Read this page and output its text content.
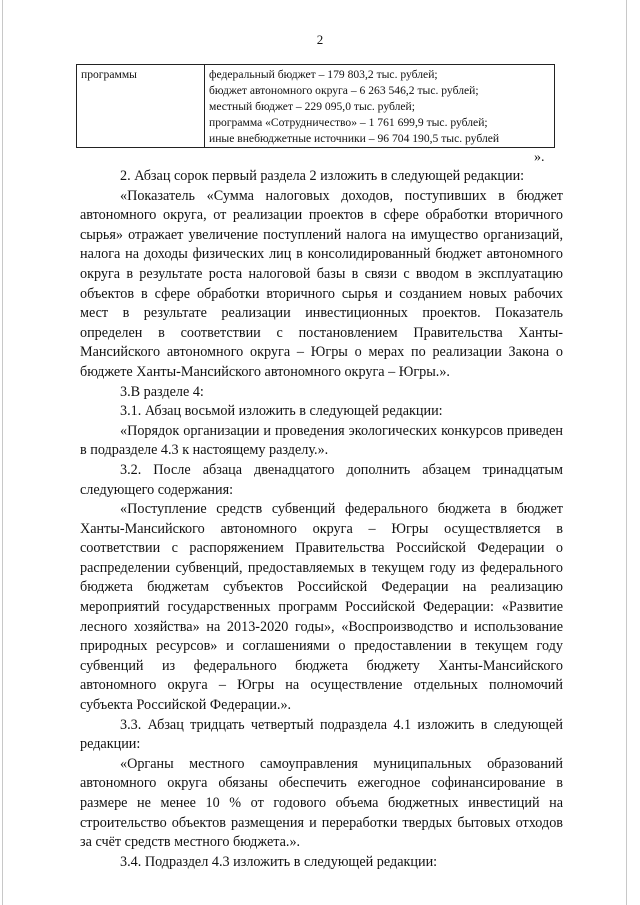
2
программы	федеральный бюджет – 179 803,2 тыс. рублей;
бюджет автономного округа – 6 263 546,2 тыс. рублей;
местный бюджет – 229 095,0 тыс. рублей;
программа «Сотрудничество» – 1 761 699,9 тыс. рублей;
иные внебюджетные источники – 96 704 190,5 тыс. рублей
».

2. Абзац сорок первый раздела 2 изложить в следующей редакции:

«Показатель «Сумма налоговых доходов, поступивших в бюджет автономного округа, от реализации проектов в сфере обработки вторичного сырья» отражает увеличение поступлений налога на имущество организаций, налога на доходы физических лиц в консолидированный бюджет автономного округа в результате роста налоговой базы в связи с вводом в эксплуатацию объектов в сфере обработки вторичного сырья и созданием новых рабочих мест в результате реализации инвестиционных проектов. Показатель определен в соответствии с постановлением Правительства Ханты-Мансийского автономного округа – Югры о мерах по реализации Закона о бюджете Ханты-Мансийского автономного округа – Югры.».

3.В разделе 4:

3.1. Абзац восьмой изложить в следующей редакции:

«Порядок организации и проведения экологических конкурсов приведен в подразделе 4.3 к настоящему разделу.».

3.2. После абзаца двенадцатого дополнить абзацем тринадцатым следующего содержания:

«Поступление средств субвенций федерального бюджета в бюджет Ханты-Мансийского автономного округа – Югры осуществляется в соответствии с распоряжением Правительства Российской Федерации о распределении субвенций, предоставляемых в текущем году из федерального бюджета бюджетам субъектов Российской Федерации на реализацию мероприятий государственных программ Российской Федерации: «Развитие лесного хозяйства» на 2013-2020 годы», «Воспроизводство и использование природных ресурсов» и соглашениями о предоставлении в текущем году субвенций из федерального бюджета бюджету Ханты-Мансийского автономного округа – Югры на осуществление отдельных полномочий субъекта Российской Федерации.».

3.3. Абзац тридцать четвертый подраздела 4.1 изложить в следующей редакции:

«Органы местного самоуправления муниципальных образований автономного округа обязаны обеспечить ежегодное софинансирование в размере не менее 10 % от годового объема бюджетных инвестиций на строительство объектов размещения и переработки твердых бытовых отходов за счёт средств местного бюджета.».

3.4. Подраздел 4.3 изложить в следующей редакции:
